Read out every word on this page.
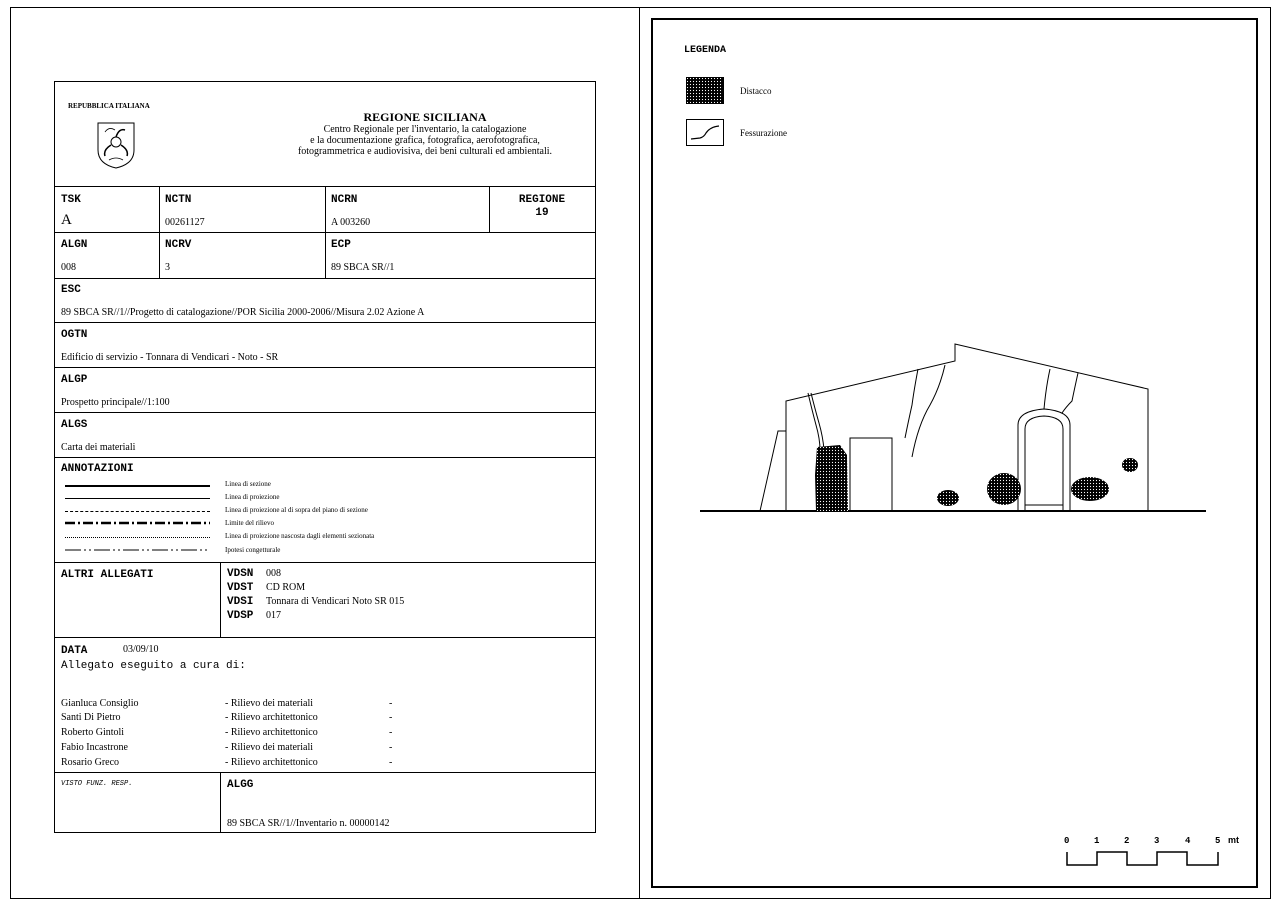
REPUBBLICA ITALIANA
REGIONE SICILIANA
Centro Regionale per l'inventario, la catalogazione
e la documentazione grafica, fotografica, aerofotografica,
fotogrammetrica e audiovisiva, dei beni culturali ed ambientali.
TSK
A
NCTN
00261127
NCRN
A 003260
REGIONE
19
ALGN
008
NCRV
3
ECP
89 SBCA SR//1
ESC
89 SBCA SR//1//Progetto di catalogazione//POR Sicilia 2000-2006//Misura 2.02 Azione A
OGTN
Edificio di servizio - Tonnara di Vendicari - Noto - SR
ALGP
Prospetto principale//1:100
ALGS
Carta dei materiali
ANNOTAZIONI
Linea di sezione
Linea di proiezione
Linea di proiezione al di sopra del piano di sezione
Limite del rilievo
Linea di proiezione nascosta dagli elementi sezionata
Ipotesi congetturale
ALTRI ALLEGATI	VDSN 008
VDST CD ROM
VDSI Tonnara di Vendicari Noto SR 015
VDSP 017
DATA	03/09/10
Allegato eseguito a cura di:
Gianluca Consiglio	- Rilievo dei materiali	-
Santi Di Pietro	- Rilievo architettonico	-
Roberto Gintoli	- Rilievo architettonico	-
Fabio Incastrone	- Rilievo dei materiali	-
Rosario Greco	- Rilievo architettonico	-
VISTO FUNZ. RESP.	ALGG
89 SBCA SR//1//Inventario n. 00000142
LEGENDA
Distacco
Fessurazione
0	1	2	3	4	5 mt
